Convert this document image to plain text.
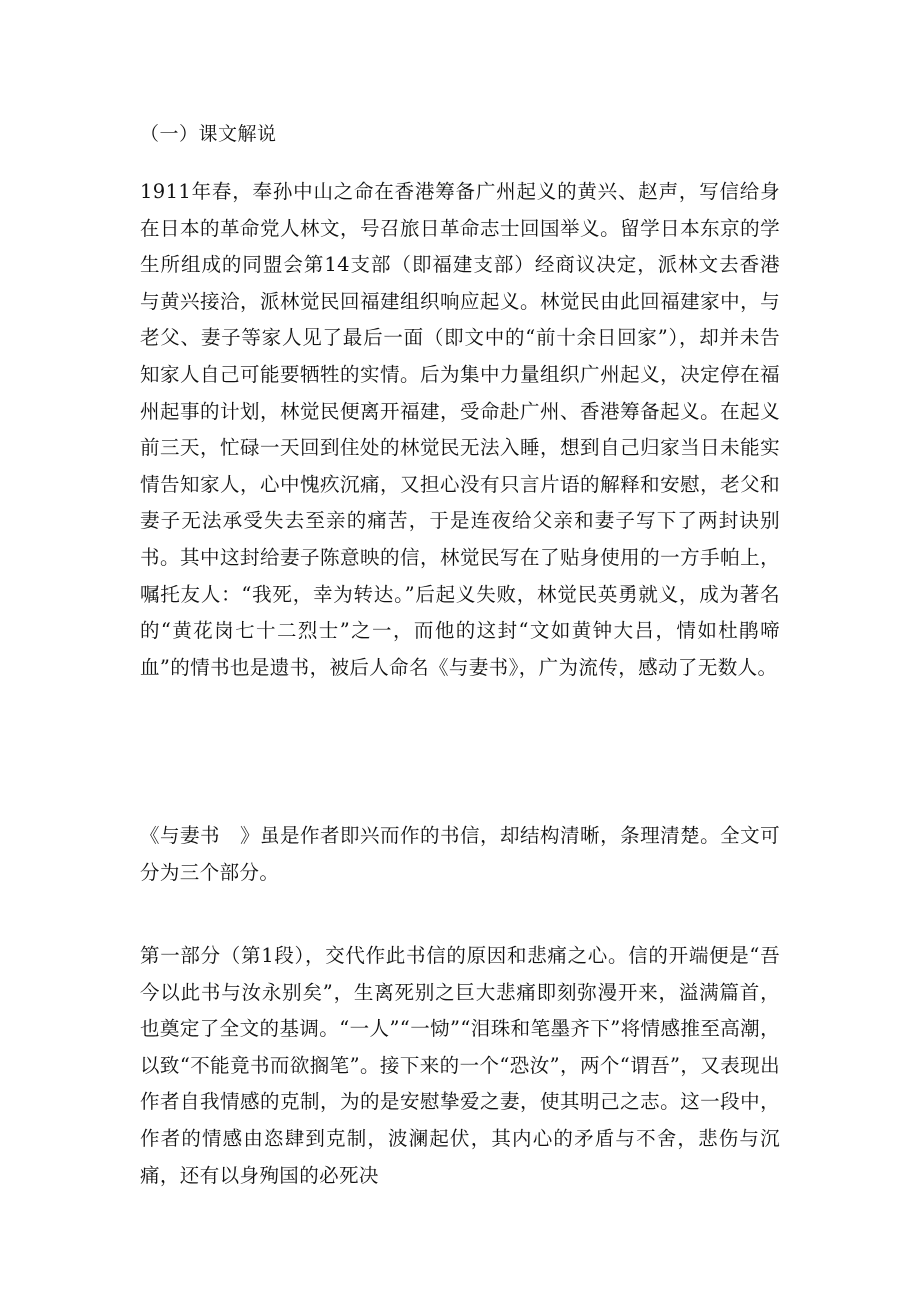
（一）课文解说

1911年春，奉孙中山之命在香港筹备广州起义的黄兴、赵声，写信给身在日本的革命党人林文，号召旅日革命志士回国举义。留学日本东京的学生所组成的同盟会第14支部（即福建支部）经商议决定，派林文去香港与黄兴接洽，派林觉民回福建组织响应起义。林觉民由此回福建家中，与老父、妻子等家人见了最后一面（即文中的“前十余日回家”），却并未告知家人自己可能要牺牲的实情。后为集中力量组织广州起义，决定停在福州起事的计划，林觉民便离开福建，受命赴广州、香港筹备起义。在起义前三天，忙碌一天回到住处的林觉民无法入睡，想到自己归家当日未能实情告知家人，心中愧疚沉痛，又担心没有只言片语的解释和安慰，老父和妻子无法承受失去至亲的痛苦，于是连夜给父亲和妻子写下了两封诀别书。其中这封给妻子陈意映的信，林觉民写在了贴身使用的一方手帕上，嘱托友人：“我死，幸为转达。”后起义失败，林觉民英勇就义，成为著名的“黄花岗七十二烈士”之一，而他的这封“文如黄钟大吕，情如杜鹃啼血”的情书也是遗书，被后人命名《与妻书》，广为流传，感动了无数人。

《与妻书　》虽是作者即兴而作的书信，却结构清晰，条理清楚。全文可分为三个部分。

第一部分（第1段），交代作此书信的原因和悲痛之心。信的开端便是“吾今以此书与汝永别矣”，生离死别之巨大悲痛即刻弥漫开来，溢满篇首，也奠定了全文的基调。“一人”“一恸”“泪珠和笔墨齐下”将情感推至高潮，以致“不能竟书而欲搁笔”。接下来的一个“恐汝”，两个“谓吾”，又表现出作者自我情感的克制，为的是安慰挚爱之妻，使其明己之志。这一段中，作者的情感由恣肆到克制，波澜起伏，其内心的矛盾与不舍，悲伤与沉痛，还有以身殉国的必死决
